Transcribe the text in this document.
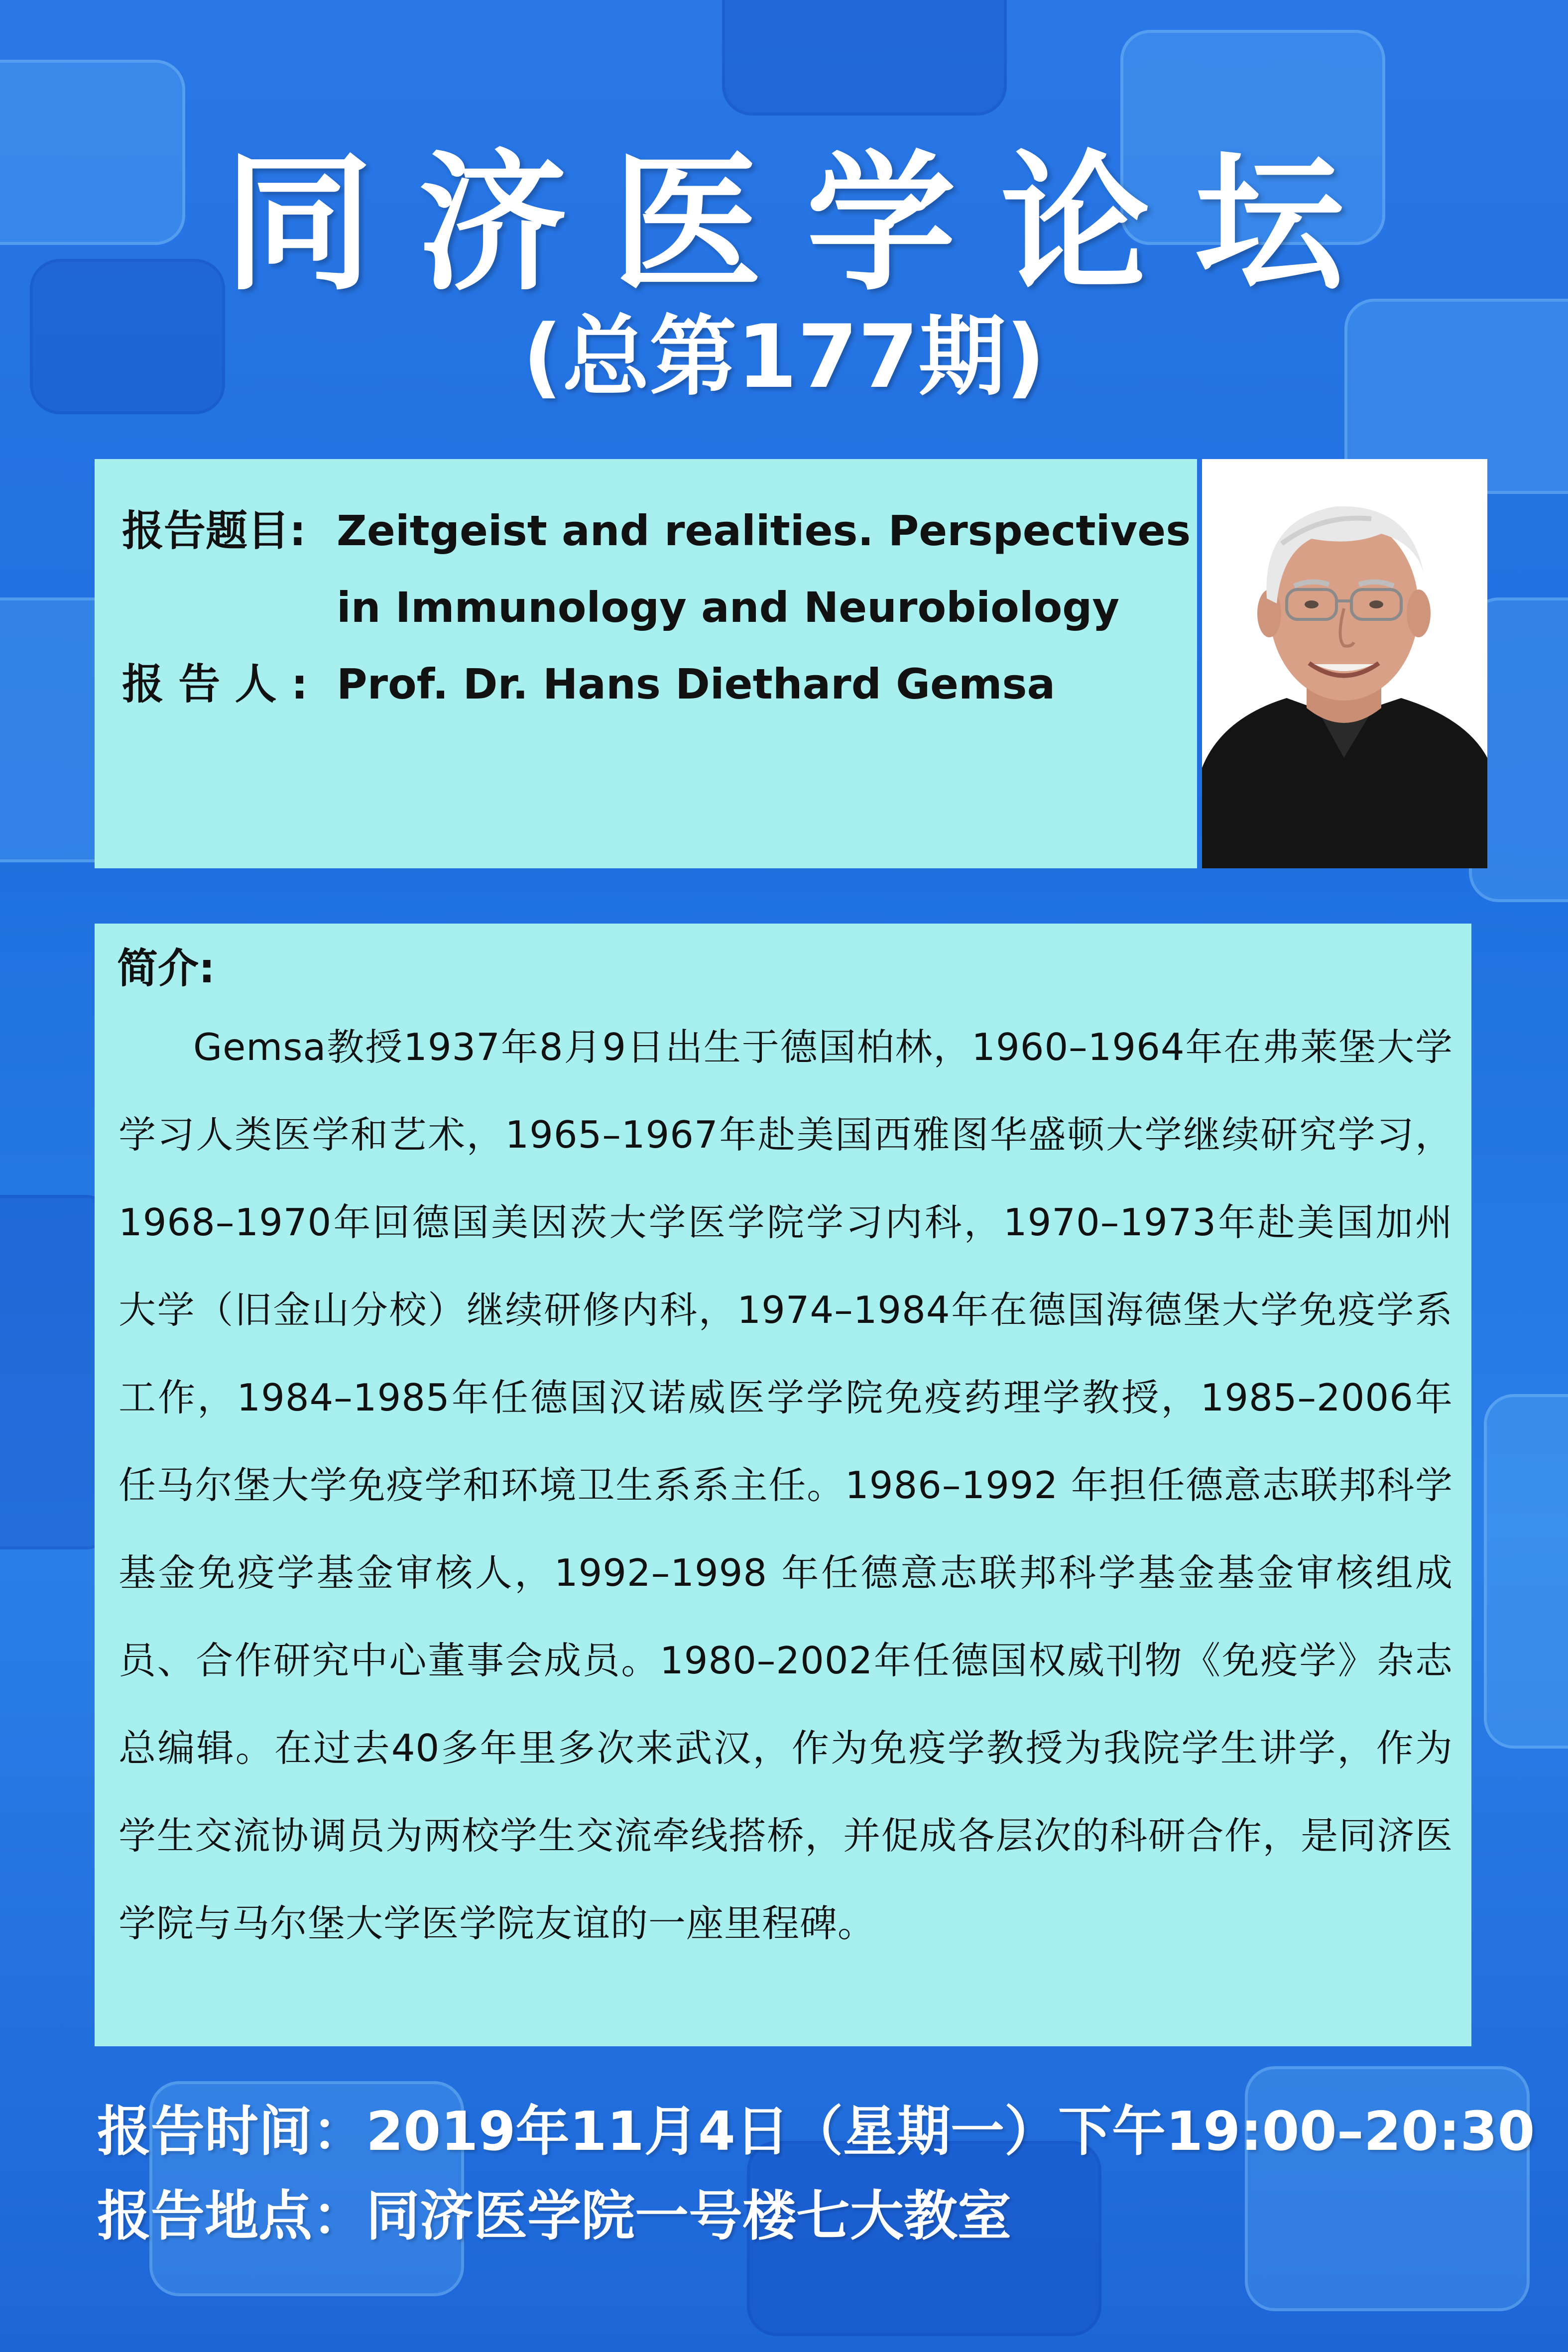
同济医学论坛
(总第177期)
报告题目: Zeitgeist and realities. Perspectives
in Immunology and Neurobiology
报 告 人 : Prof. Dr. Hans Diethard Gemsa
简介:

Gemsa教授1937年8月9日出生于德国柏林，1960–1964年在弗莱堡大学学习人类医学和艺术，1965–1967年赴美国西雅图华盛顿大学继续研究学习，1968–1970年回德国美因茨大学医学院学习内科，1970–1973年赴美国加州大学（旧金山分校）继续研修内科，1974–1984年在德国海德堡大学免疫学系工作，1984–1985年任德国汉诺威医学学院免疫药理学教授，1985–2006年任马尔堡大学免疫学和环境卫生系系主任。1986–1992 年担任德意志联邦科学基金免疫学基金审核人，1992–1998 年任德意志联邦科学基金基金审核组成员、合作研究中心董事会成员。1980–2002年任德国权威刊物《免疫学》杂志总编辑。在过去40多年里多次来武汉，作为免疫学教授为我院学生讲学，作为学生交流协调员为两校学生交流牵线搭桥，并促成各层次的科研合作，是同济医学院与马尔堡大学医学院友谊的一座里程碑。

报告时间：2019年11月4日（星期一）下午19:00–20:30

报告地点：同济医学院一号楼七大教室
